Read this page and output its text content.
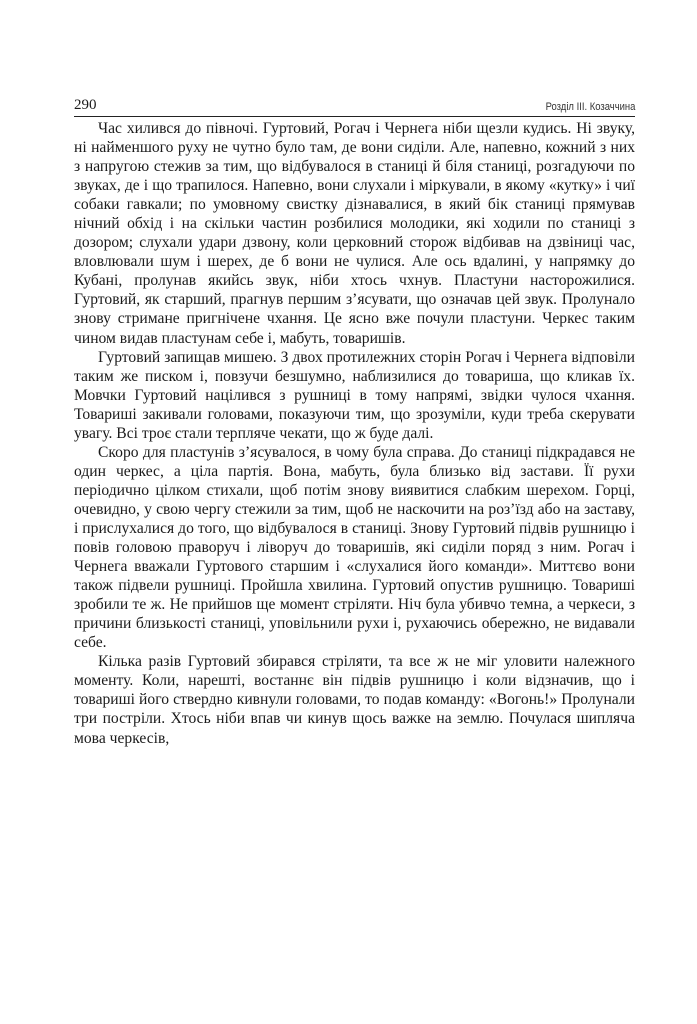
290	Розділ ІІІ. Козаччина

Час хилився до півночі. Гуртовий, Рогач і Чернега ніби щезли кудись. Ні звуку, ні найменшого руху не чутно було там, де вони сиділи. Але, напевно, кожний з них з напругою стежив за тим, що відбувалося в станиці й біля станиці, розгадуючи по звуках, де і що трапилося. Напевно, вони слухали і міркували, в якому «кутку» і чиї собаки гавкали; по умовному свистку дізнавалися, в який бік станиці прямував нічний обхід і на скільки частин розбилися молодики, які ходили по станиці з дозором; слухали удари дзвону, коли церковний сторож відбивав на дзвіниці час, вловлювали шум і шерех, де б вони не чулися. Але ось вдалині, у напрямку до Кубані, пролунав якийсь звук, ніби хтось чхнув. Пластуни насторожилися. Гуртовий, як старший, прагнув першим з’ясувати, що означав цей звук. Пролунало знову стримане пригнічене чхання. Це ясно вже почули пластуни. Черкес таким чином видав пластунам себе і, мабуть, товаришів.

Гуртовий запищав мишею. З двох протилежних сторін Рогач і Чернега відповіли таким же писком і, повзучи безшумно, наблизилися до товариша, що кликав їх. Мовчки Гуртовий націлився з рушниці в тому напрямі, звідки чулося чхання. Товариші закивали головами, показуючи тим, що зрозуміли, куди треба скерувати увагу. Всі троє стали терпляче чекати, що ж буде далі.

Скоро для пластунів з’ясувалося, в чому була справа. До станиці підкрадався не один черкес, а ціла партія. Вона, мабуть, була близько від застави. Її рухи періодично цілком стихали, щоб потім знову виявитися слабким шерехом. Горці, очевидно, у свою чергу стежили за тим, щоб не наскочити на роз’їзд або на заставу, і прислухалися до того, що відбувалося в станиці. Знову Гуртовий підвів рушницю і повів головою праворуч і ліворуч до товаришів, які сиділи поряд з ним. Рогач і Чернега вважали Гуртового старшим і «слухалися його команди». Миттєво вони також підвели рушниці. Пройшла хвилина. Гуртовий опустив рушницю. Товариші зробили те ж. Не прийшов ще момент стріляти. Ніч була убивчо темна, а черкеси, з причини близькості станиці, уповільнили рухи і, рухаючись обережно, не видавали себе.

Кілька разів Гуртовий збирався стріляти, та все ж не міг уловити належного моменту. Коли, нарешті, востаннє він підвів рушницю і коли відзначив, що і товариші його ствердно кивнули головами, то подав команду: «Вогонь!» Пролунали три постріли. Хтось ніби впав чи кинув щось важке на землю. Почулася шипляча мова черкесів,
